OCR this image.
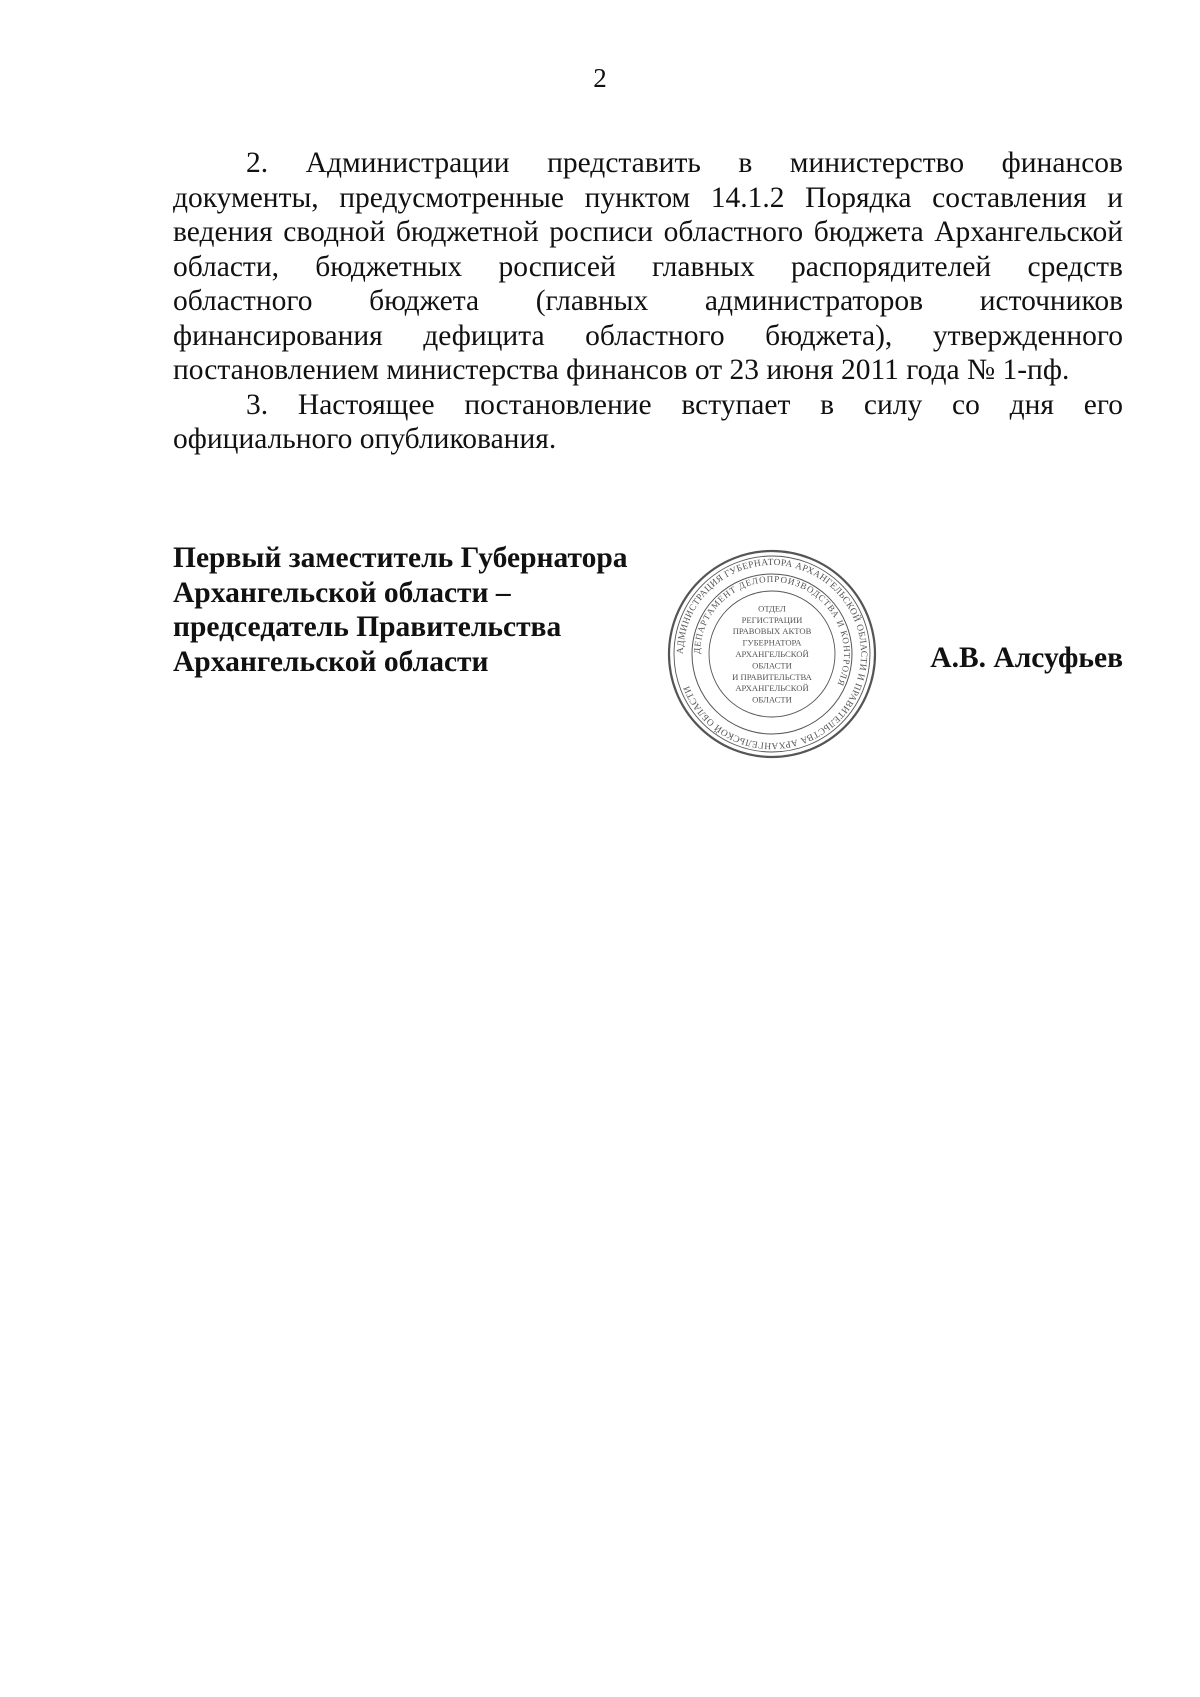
2

2. Администрации представить в министерство финансов документы, предусмотренные пунктом 14.1.2 Порядка составления и ведения сводной бюджетной росписи областного бюджета Архангельской области, бюджетных росписей главных распорядителей средств областного бюджета (главных администраторов источников финансирования дефицита областного бюджета), утвержденного постановлением министерства финансов от 23 июня 2011 года № 1-пф.

3. Настоящее постановление вступает в силу со дня его официального опубликования.

Первый заместитель Губернатора
Архангельской области –
председатель Правительства
Архангельской области	АДМИНИСТРАЦИЯ ГУБЕРНАТОРА АРХАНГЕЛЬСКОЙ ОБЛАСТИ И ПРАВИТЕЛЬСТВА АРХАНГЕЛЬСКОЙ ОБЛАСТИ
ДЕПАРТАМЕНТ ДЕЛОПРОИЗВОДСТВА И КОНТРОЛЯ
ОТДЕЛ РЕГИСТРАЦИИ ПРАВОВЫХ АКТОВ ГУБЕРНАТОРА АРХАНГЕЛЬСКОЙ ОБЛАСТИ И ПРАВИТЕЛЬСТВА АРХАНГЕЛЬСКОЙ ОБЛАСТИ
А.В. Алсуфьев
